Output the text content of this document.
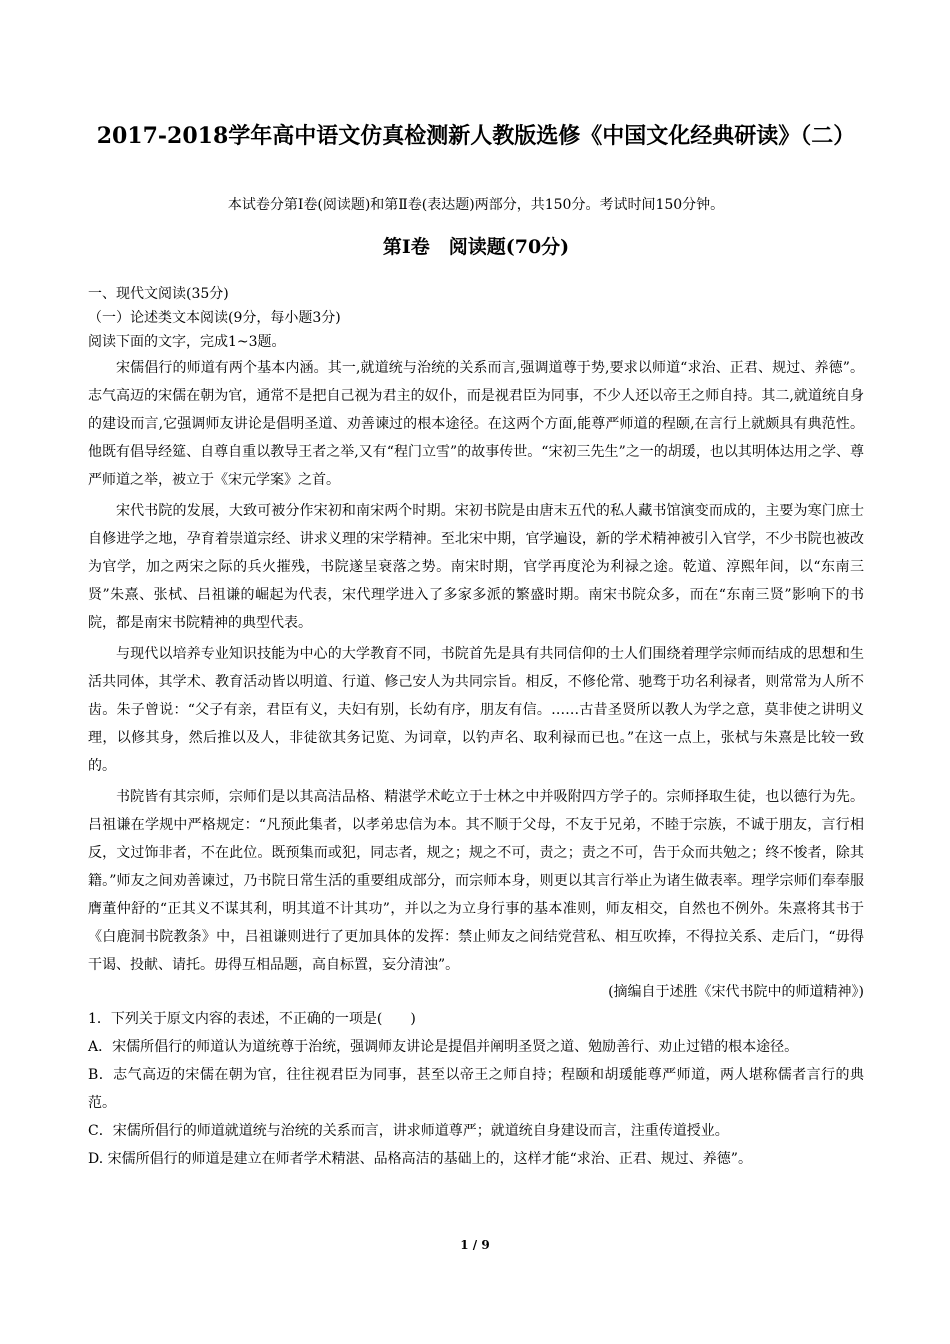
2017-2018学年高中语文仿真检测新人教版选修《中国文化经典研读》（二）
本试卷分第Ⅰ卷(阅读题)和第Ⅱ卷(表达题)两部分，共150分。考试时间150分钟。
第Ⅰ卷　阅读题(70分)
一、现代文阅读(35分)
（一）论述类文本阅读(9分，每小题3分)
阅读下面的文字，完成1~3题。

宋儒倡行的师道有两个基本内涵。其一,就道统与治统的关系而言,强调道尊于势,要求以师道“求治、正君、规过、养德”。志气高迈的宋儒在朝为官，通常不是把自己视为君主的奴仆，而是视君臣为同事，不少人还以帝王之师自持。其二,就道统自身的建设而言,它强调师友讲论是倡明圣道、劝善谏过的根本途径。在这两个方面,能尊严师道的程颐,在言行上就颇具有典范性。他既有倡导经筵、自尊自重以教导王者之举,又有“程门立雪”的故事传世。“宋初三先生”之一的胡瑗，也以其明体达用之学、尊严师道之举，被立于《宋元学案》之首。

宋代书院的发展，大致可被分作宋初和南宋两个时期。宋初书院是由唐末五代的私人藏书馆演变而成的，主要为寒门庶士自修进学之地，孕育着崇道宗经、讲求义理的宋学精神。至北宋中期，官学遍设，新的学术精神被引入官学，不少书院也被改为官学，加之两宋之际的兵火摧残，书院遂呈衰落之势。南宋时期，官学再度沦为利禄之途。乾道、淳熙年间，以“东南三贤”朱熹、张栻、吕祖谦的崛起为代表，宋代理学进入了多家多派的繁盛时期。南宋书院众多，而在“东南三贤”影响下的书院，都是南宋书院精神的典型代表。

与现代以培养专业知识技能为中心的大学教育不同，书院首先是具有共同信仰的士人们围绕着理学宗师而结成的思想和生活共同体，其学术、教育活动皆以明道、行道、修己安人为共同宗旨。相反，不修伦常、驰骛于功名利禄者，则常常为人所不齿。朱子曾说：“父子有亲，君臣有义，夫妇有别，长幼有序，朋友有信。……古昔圣贤所以教人为学之意，莫非使之讲明义理，以修其身，然后推以及人，非徒欲其务记览、为词章，以钓声名、取利禄而已也。”在这一点上，张栻与朱熹是比较一致的。

书院皆有其宗师，宗师们是以其高洁品格、精湛学术屹立于士林之中并吸附四方学子的。宗师择取生徒，也以德行为先。吕祖谦在学规中严格规定：“凡预此集者，以孝弟忠信为本。其不顺于父母，不友于兄弟，不睦于宗族，不诚于朋友，言行相反，文过饰非者，不在此位。既预集而或犯，同志者，规之；规之不可，责之；责之不可，告于众而共勉之；终不悛者，除其籍。”师友之间劝善谏过，乃书院日常生活的重要组成部分，而宗师本身，则更以其言行举止为诸生做表率。理学宗师们奉奉服膺董仲舒的“正其义不谋其利，明其道不计其功”，并以之为立身行事的基本准则，师友相交，自然也不例外。朱熹将其书于《白鹿洞书院教条》中，吕祖谦则进行了更加具体的发挥：禁止师友之间结党营私、相互吹捧，不得拉关系、走后门，“毋得干谒、投献、请托。毋得互相品题，高自标置，妄分清浊”。

(摘编自于述胜《宋代书院中的师道精神》)
1．下列关于原文内容的表述，不正确的一项是(　　)
A．宋儒所倡行的师道认为道统尊于治统，强调师友讲论是提倡并阐明圣贤之道、勉励善行、劝止过错的根本途径。
B．志气高迈的宋儒在朝为官，往往视君臣为同事，甚至以帝王之师自持；程颐和胡瑗能尊严师道，两人堪称儒者言行的典范。
C．宋儒所倡行的师道就道统与治统的关系而言，讲求师道尊严；就道统自身建设而言，注重传道授业。
D. 宋儒所倡行的师道是建立在师者学术精湛、品格高洁的基础上的，这样才能“求治、正君、规过、养德”。
1 / 9
